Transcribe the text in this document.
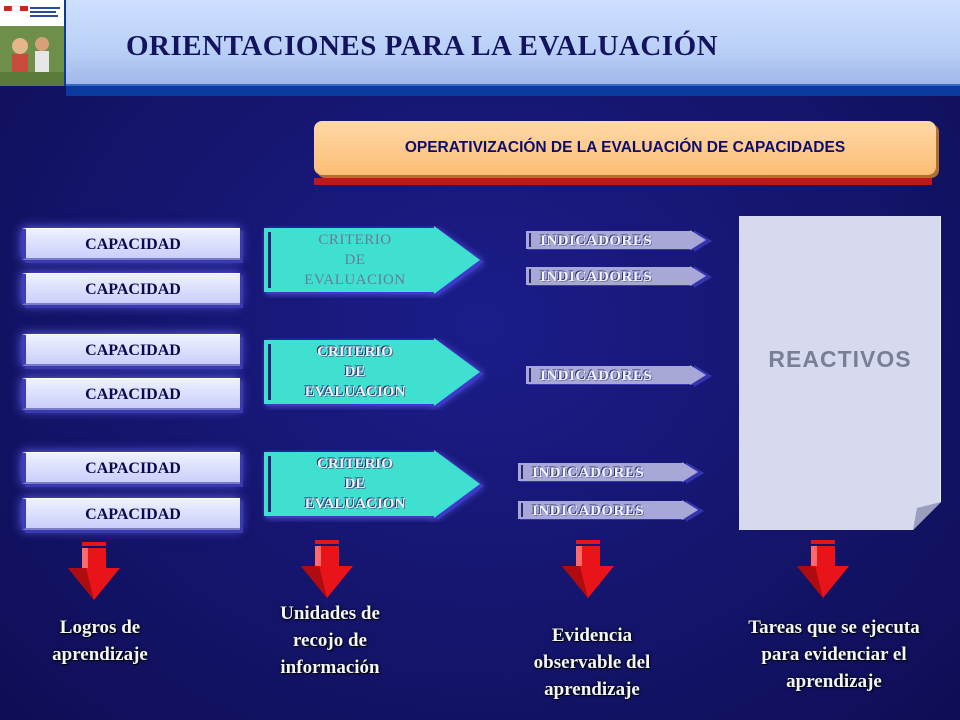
ORIENTACIONES PARA LA EVALUACIÓN
OPERATIVIZACIÓN DE LA EVALUACIÓN DE CAPACIDADES
CAPACIDAD
CAPACIDAD
CAPACIDAD
CAPACIDAD
CAPACIDAD
CAPACIDAD
CRITERIO
DE
EVALUACION
CRITERIO
DE
EVALUACION
CRITERIO
DE
EVALUACION
INDICADORES
INDICADORES
INDICADORES
INDICADORES
INDICADORES
REACTIVOS
Logros de
aprendizaje
Unidades de
recojo de
información
Evidencia
observable del
aprendizaje
Tareas que se ejecuta
para evidenciar el
aprendizaje
